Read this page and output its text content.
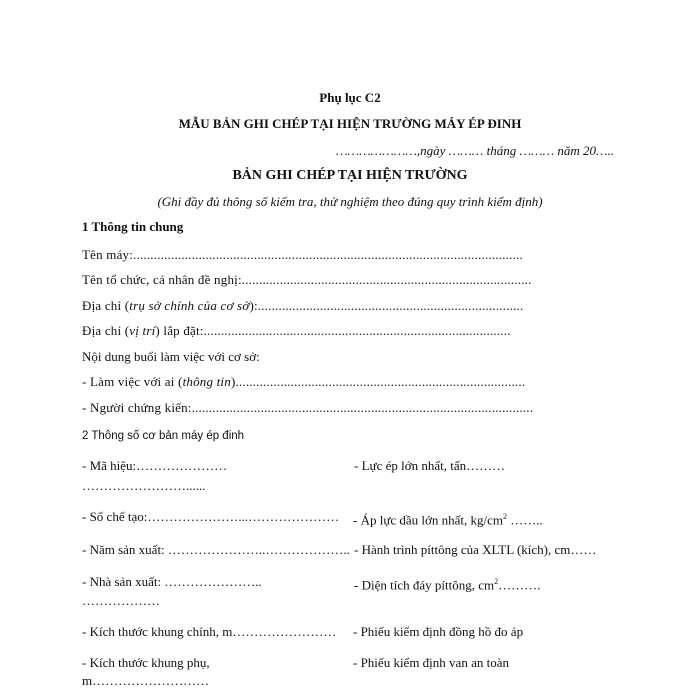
Phụ lục C2
MẪU BẢN GHI CHÉP TẠI HIỆN TRƯỜNG MÁY ÉP ĐINH
…………………,ngày ……… tháng ……… năm 20…..
BẢN GHI CHÉP TẠI HIỆN TRƯỜNG
(Ghi đầy đủ thông số kiểm tra, thử nghiệm theo đúng quy trình kiểm định)
1 Thông tin chung
Tên máy:.................................................................................................................
Tên tổ chức, cá nhân đề nghị:....................................................................................
Địa chỉ (trụ sở chính của cơ sở):.............................................................................
Địa chỉ (vị trí) lắp đặt:.........................................................................................
Nội dung buổi làm việc với cơ sở:
- Làm việc với ai (thông tin)....................................................................................
- Người chứng kiến:...................................................................................................
2 Thông số cơ bản máy ép đinh
- Mã hiệu:…………………
……………………......
- Lực ép lớn nhất, tấn………
- Số chế tạo:…………………...………………… - Áp lực dầu lớn nhất, $kg/cm^2$ ……..
- Năm sản xuất: …………………..……………….. - Hành trình píttông của XLTL (kích), cm……
- Nhà sản xuất: …………………..
………………
- Diện tích đáy píttông, $cm^2\dots\dots\dots$.
- Kích thước khung chính, m…………………… - Phiếu kiểm định đồng hồ đo áp
- Kích thước khung phụ,
m………………………
- Phiếu kiểm định van an toàn
